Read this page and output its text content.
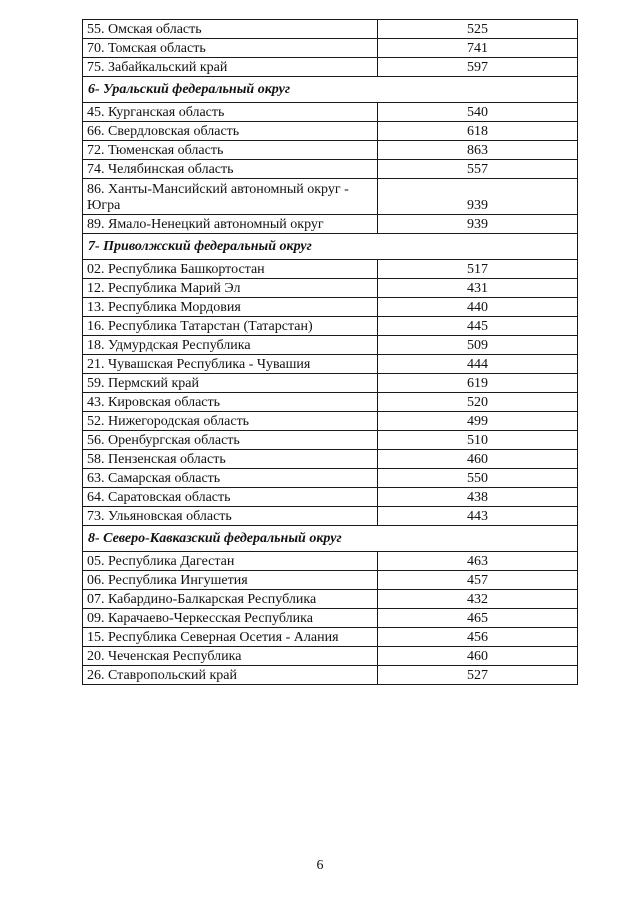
55. Омская область	525
70. Томская область	741
75. Забайкальский край	597
6- Уральский федеральный округ	
45. Курганская область	540
66. Свердловская область	618
72. Тюменская область	863
74. Челябинская область	557
86. Ханты-Мансийский автономный округ - Югра	939
89. Ямало-Ненецкий автономный округ	939
7- Приволжский федеральный округ	
02. Республика Башкортостан	517
12. Республика Марий Эл	431
13. Республика Мордовия	440
16. Республика Татарстан (Татарстан)	445
18. Удмурдская Республика	509
21. Чувашская Республика - Чувашия	444
59. Пермский край	619
43. Кировская область	520
52. Нижегородская область	499
56. Оренбургская область	510
58. Пензенская область	460
63. Самарская область	550
64. Саратовская область	438
73. Ульяновская область	443
8- Северо-Кавказский федеральный округ	
05. Республика Дагестан	463
06. Республика Ингушетия	457
07. Кабардино-Балкарская Республика	432
09. Карачаево-Черкесская Республика	465
15. Республика Северная Осетия - Алания	456
20. Чеченская Республика	460
26. Ставропольский край	527
6
